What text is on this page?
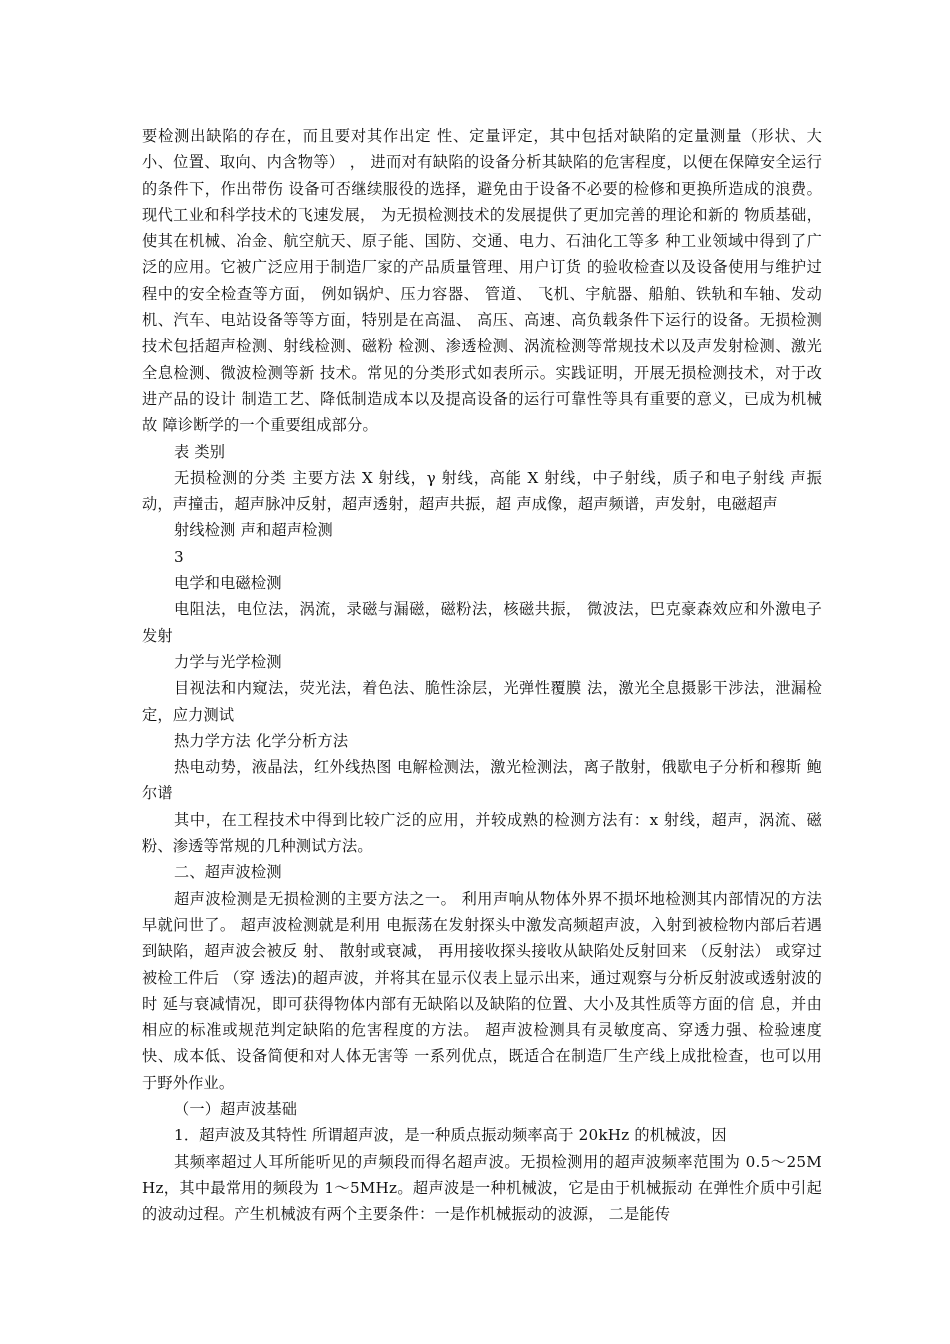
要检测出缺陷的存在，而且要对其作出定 性、定量评定，其中包括对缺陷的定量测量（形状、大小、位置、取向、内含物等） ， 进而对有缺陷的设备分析其缺陷的危害程度，以便在保障安全运行的条件下，作出带伤 设备可否继续服役的选择，避免由于设备不必要的检修和更换所造成的浪费。 现代工业和科学技术的飞速发展， 为无损检测技术的发展提供了更加完善的理论和新的 物质基础，使其在机械、冶金、航空航天、原子能、国防、交通、电力、石油化工等多 种工业领域中得到了广泛的应用。它被广泛应用于制造厂家的产品质量管理、用户订货 的验收检查以及设备使用与维护过程中的安全检查等方面， 例如锅炉、压力容器、 管道、 飞机、宇航器、船舶、铁轨和车轴、发动机、汽车、电站设备等等方面，特别是在高温、 高压、高速、高负载条件下运行的设备。无损检测技术包括超声检测、射线检测、磁粉 检测、渗透检测、涡流检测等常规技术以及声发射检测、激光全息检测、微波检测等新 技术。常见的分类形式如表所示。实践证明，开展无损检测技术，对于改进产品的设计 制造工艺、降低制造成本以及提高设备的运行可靠性等具有重要的意义，已成为机械故 障诊断学的一个重要组成部分。

表 类别

无损检测的分类 主要方法 X 射线，γ 射线，高能 X 射线，中子射线，质子和电子射线 声振动，声撞击，超声脉冲反射，超声透射，超声共振，超 声成像，超声频谱，声发射，电磁超声

射线检测 声和超声检测

3

电学和电磁检测

电阻法，电位法，涡流，录磁与漏磁，磁粉法，核磁共振， 微波法，巴克豪森效应和外激电子发射

力学与光学检测

目视法和内窥法，荧光法，着色法、脆性涂层，光弹性覆膜 法，激光全息摄影干涉法，泄漏检定，应力测试

热力学方法 化学分析方法

热电动势，液晶法，红外线热图 电解检测法，激光检测法，离子散射，俄歇电子分析和穆斯 鲍尔谱

其中，在工程技术中得到比较广泛的应用，并较成熟的检测方法有：x 射线，超声，涡流、磁粉、渗透等常规的几种测试方法。

二、超声波检测

超声波检测是无损检测的主要方法之一。 利用声响从物体外界不损坏地检测其内部情况的方法早就问世了。 超声波检测就是利用 电振荡在发射探头中激发高频超声波，入射到被检物内部后若遇到缺陷，超声波会被反 射、 散射或衰减， 再用接收探头接收从缺陷处反射回来 （反射法） 或穿过被检工件后 （穿 透法)的超声波，并将其在显示仪表上显示出来，通过观察与分析反射波或透射波的时 延与衰减情况，即可获得物体内部有无缺陷以及缺陷的位置、大小及其性质等方面的信 息，并由相应的标准或规范判定缺陷的危害程度的方法。 超声波检测具有灵敏度高、穿透力强、检验速度快、成本低、设备简便和对人体无害等 一系列优点，既适合在制造厂生产线上成批检查，也可以用于野外作业。

（一）超声波基础

1．超声波及其特性 所谓超声波，是一种质点振动频率高于 20kHz 的机械波，因

其频率超过人耳所能听见的声频段而得名超声波。无损检测用的超声波频率范围为 0.5～25MHz，其中最常用的频段为 1～5MHz。超声波是一种机械波，它是由于机械振动 在弹性介质中引起的波动过程。产生机械波有两个主要条件：一是作机械振动的波源， 二是能传
